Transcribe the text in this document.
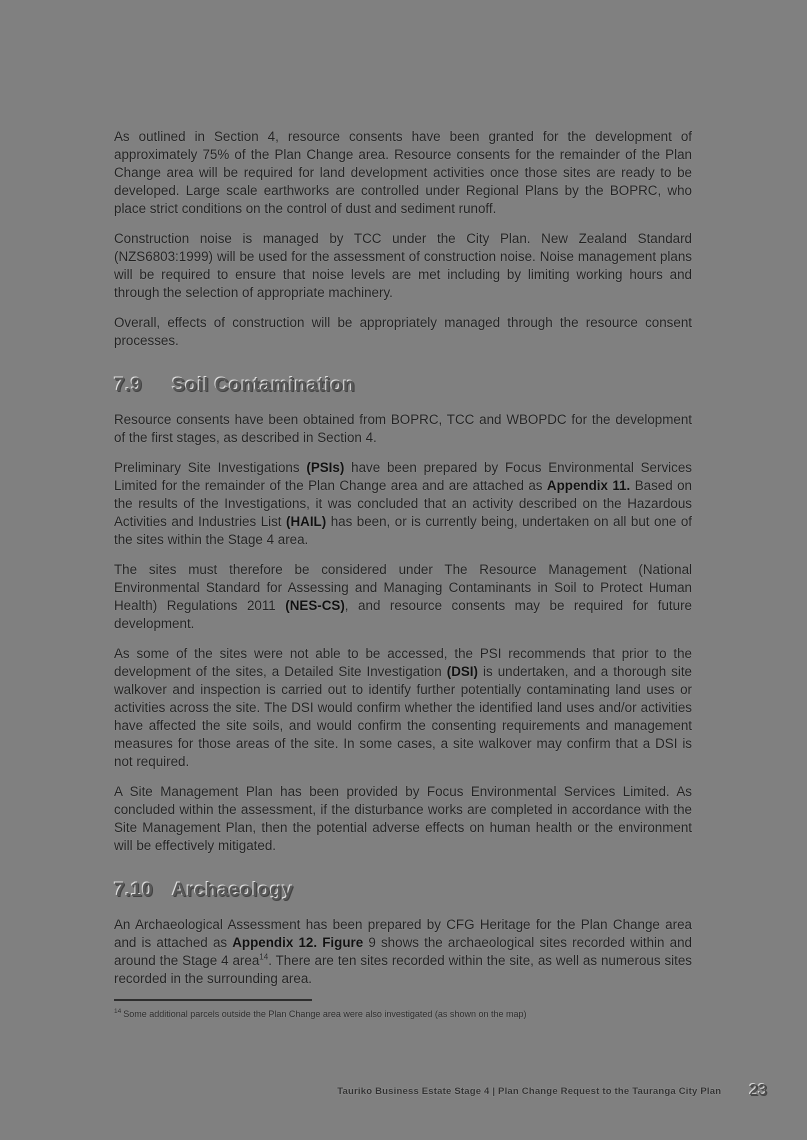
As outlined in Section 4, resource consents have been granted for the development of approximately 75% of the Plan Change area. Resource consents for the remainder of the Plan Change area will be required for land development activities once those sites are ready to be developed. Large scale earthworks are controlled under Regional Plans by the BOPRC, who place strict conditions on the control of dust and sediment runoff.

Construction noise is managed by TCC under the City Plan. New Zealand Standard (NZS6803:1999) will be used for the assessment of construction noise. Noise management plans will be required to ensure that noise levels are met including by limiting working hours and through the selection of appropriate machinery.

Overall, effects of construction will be appropriately managed through the resource consent processes.

7.9 Soil Contamination

Resource consents have been obtained from BOPRC, TCC and WBOPDC for the development of the first stages, as described in Section 4.

Preliminary Site Investigations (PSIs) have been prepared by Focus Environmental Services Limited for the remainder of the Plan Change area and are attached as Appendix 11. Based on the results of the Investigations, it was concluded that an activity described on the Hazardous Activities and Industries List (HAIL) has been, or is currently being, undertaken on all but one of the sites within the Stage 4 area.

The sites must therefore be considered under The Resource Management (National Environmental Standard for Assessing and Managing Contaminants in Soil to Protect Human Health) Regulations 2011 (NES-CS), and resource consents may be required for future development.

As some of the sites were not able to be accessed, the PSI recommends that prior to the development of the sites, a Detailed Site Investigation (DSI) is undertaken, and a thorough site walkover and inspection is carried out to identify further potentially contaminating land uses or activities across the site. The DSI would confirm whether the identified land uses and/or activities have affected the site soils, and would confirm the consenting requirements and management measures for those areas of the site. In some cases, a site walkover may confirm that a DSI is not required.

A Site Management Plan has been provided by Focus Environmental Services Limited. As concluded within the assessment, if the disturbance works are completed in accordance with the Site Management Plan, then the potential adverse effects on human health or the environment will be effectively mitigated.

7.10 Archaeology

An Archaeological Assessment has been prepared by CFG Heritage for the Plan Change area and is attached as Appendix 12. Figure 9 shows the archaeological sites recorded within and around the Stage 4 area$^{14}$. There are ten sites recorded within the site, as well as numerous sites recorded in the surrounding area.

$^{14}$ Some additional parcels outside the Plan Change area were also investigated (as shown on the map)

Tauriko Business Estate Stage 4 | Plan Change Request to the Tauranga City Plan 23
